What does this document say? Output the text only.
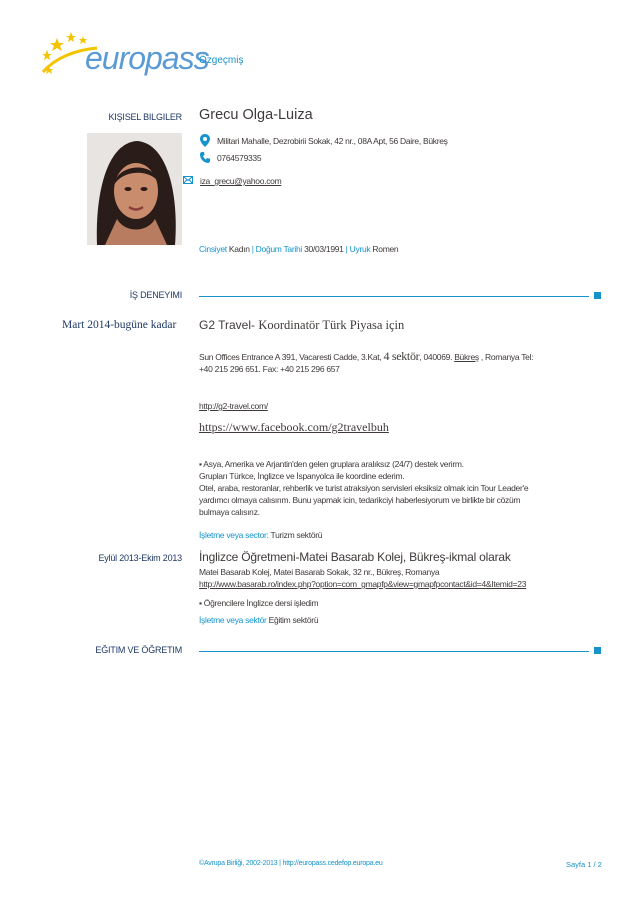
europass
Özgeçmiş
KIŞISEL BILGILER Grecu Olga-Luiza
Militari Mahalle, Dezrobirii Sokak, 42 nr., 08A Apt, 56 Daire, Bükreş
0764579335
iza_grecu@yahoo.com
Cinsiyet Kadın | Doğum Tarihi 30/03/1991 | Uyruk Romen
İŞ DENEYIMI
Mart 2014-bugüne kadar G2 Travel- Koordinatör Türk Piyasa için
Sun Offices Entrance A 391, Vacaresti Cadde, 3.Kat, 4 sektör, 040069. Bükreş , Romanya Tel:
+40 215 296 651. Fax: +40 215 296 657
http://g2-travel.com/
https://www.facebook.com/g2travelbuh
▪ Asya, Amerika ve Arjantin'den gelen gruplara aralıksız (24/7) destek verirm.
Grupları Türkce, İnglizce ve İspanyolca ile koordine ederim.
Otel, araba, restoranlar, rehberlik ve turist atraksiyon servisleri eksiksiz olmak icin Tour Leader'e
yardımcı olmaya calısırım. Bunu yapmak icin, tedarikciyi haberlesiyorum ve birlikte bir cözüm
bulmaya calısırız.
İşletme veya sector: Turizm sektörü
Eylül 2013-Ekim 2013 İnglizce Öğretmeni-Matei Basarab Kolej, Bükreş-ikmal olarak
Matei Basarab Kolej, Matei Basarab Sokak, 32 nr., Bükreş, Romanya
http://www.basarab.ro/index.php?option=com_gmapfp&view=gmapfpcontact&id=4&Itemid=23
▪ Öğrencilere İnglizce dersi işledim
İşletme veya sektör Eğitim sektörü
EĞITIM VE ÖĞRETIM
©Avrupa Birliği, 2002-2013 | http://europass.cedefop.europa.eu	Sayfa 1 / 2
